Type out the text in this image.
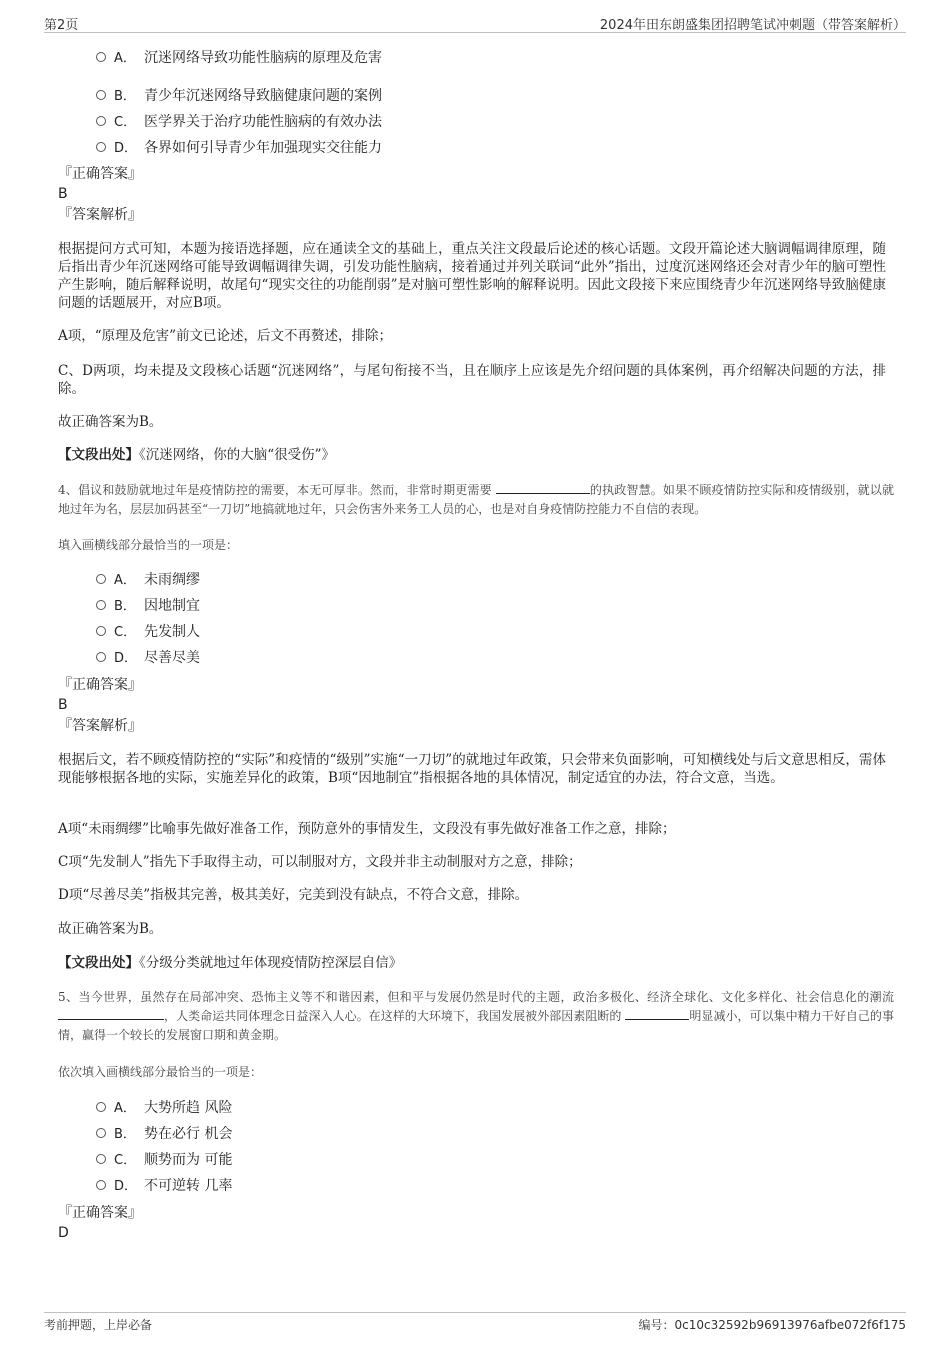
第2页	2024年田东朗盛集团招聘笔试冲刺题（带答案解析）
A． 沉迷网络导致功能性脑病的原理及危害
B． 青少年沉迷网络导致脑健康问题的案例
C． 医学界关于治疗功能性脑病的有效办法
D． 各界如何引导青少年加强现实交往能力
『正确答案』
B
『答案解析』
根据提问方式可知，本题为接语选择题，应在通读全文的基础上，重点关注文段最后论述的核心话题。文段开篇论述大脑调幅调律原理，随后指出青少年沉迷网络可能导致调幅调律失调，引发功能性脑病，接着通过并列关联词“此外”指出，过度沉迷网络还会对青少年的脑可塑性产生影响，随后解释说明，故尾句“现实交往的功能削弱”是对脑可塑性影响的解释说明。因此文段接下来应围绕青少年沉迷网络导致脑健康问题的话题展开，对应B项。
A项，“原理及危害”前文已论述，后文不再赘述，排除；
C、D两项，均未提及文段核心话题“沉迷网络”，与尾句衔接不当，且在顺序上应该是先介绍问题的具体案例，再介绍解决问题的方法，排除。
故正确答案为B。
【文段出处】《沉迷网络，你的大脑“很受伤”》
4、倡议和鼓励就地过年是疫情防控的需要，本无可厚非。然而，非常时期更需要	的执政智慧。如果不顾疫情防控实际和疫情级别，就以就地过年为名，层层加码甚至“一刀切”地搞就地过年，只会伤害外来务工人员的心，也是对自身疫情防控能力不自信的表现。
填入画横线部分最恰当的一项是：
A． 未雨绸缪
B． 因地制宜
C． 先发制人
D． 尽善尽美
『正确答案』
B
『答案解析』
根据后文，若不顾疫情防控的“实际”和疫情的“级别”实施“一刀切”的就地过年政策，只会带来负面影响，可知横线处与后文意思相反，需体现能够根据各地的实际，实施差异化的政策，B项“因地制宜”指根据各地的具体情况，制定适宜的办法，符合文意，当选。
A项“未雨绸缪”比喻事先做好准备工作，预防意外的事情发生，文段没有事先做好准备工作之意，排除；
C项“先发制人”指先下手取得主动，可以制服对方，文段并非主动制服对方之意，排除；
D项“尽善尽美”指极其完善，极其美好，完美到没有缺点，不符合文意，排除。
故正确答案为B。
【文段出处】《分级分类就地过年体现疫情防控深层自信》
5、当今世界，虽然存在局部冲突、恐怖主义等不和谐因素，但和平与发展仍然是时代的主题，政治多极化、经济全球化、文化多样化、社会信息化的潮流 ，人类命运共同体理念日益深入人心。在这样的大环境下，我国发展被外部因素阻断的	明显减小，可以集中精力干好自己的事情，赢得一个较长的发展窗口期和黄金期。
依次填入画横线部分最恰当的一项是：
A． 大势所趋 风险
B． 势在必行 机会
C． 顺势而为 可能
D． 不可逆转 几率
『正确答案』
D
考前押题，上岸必备	编号：0c10c32592b96913976afbe072f6f175
